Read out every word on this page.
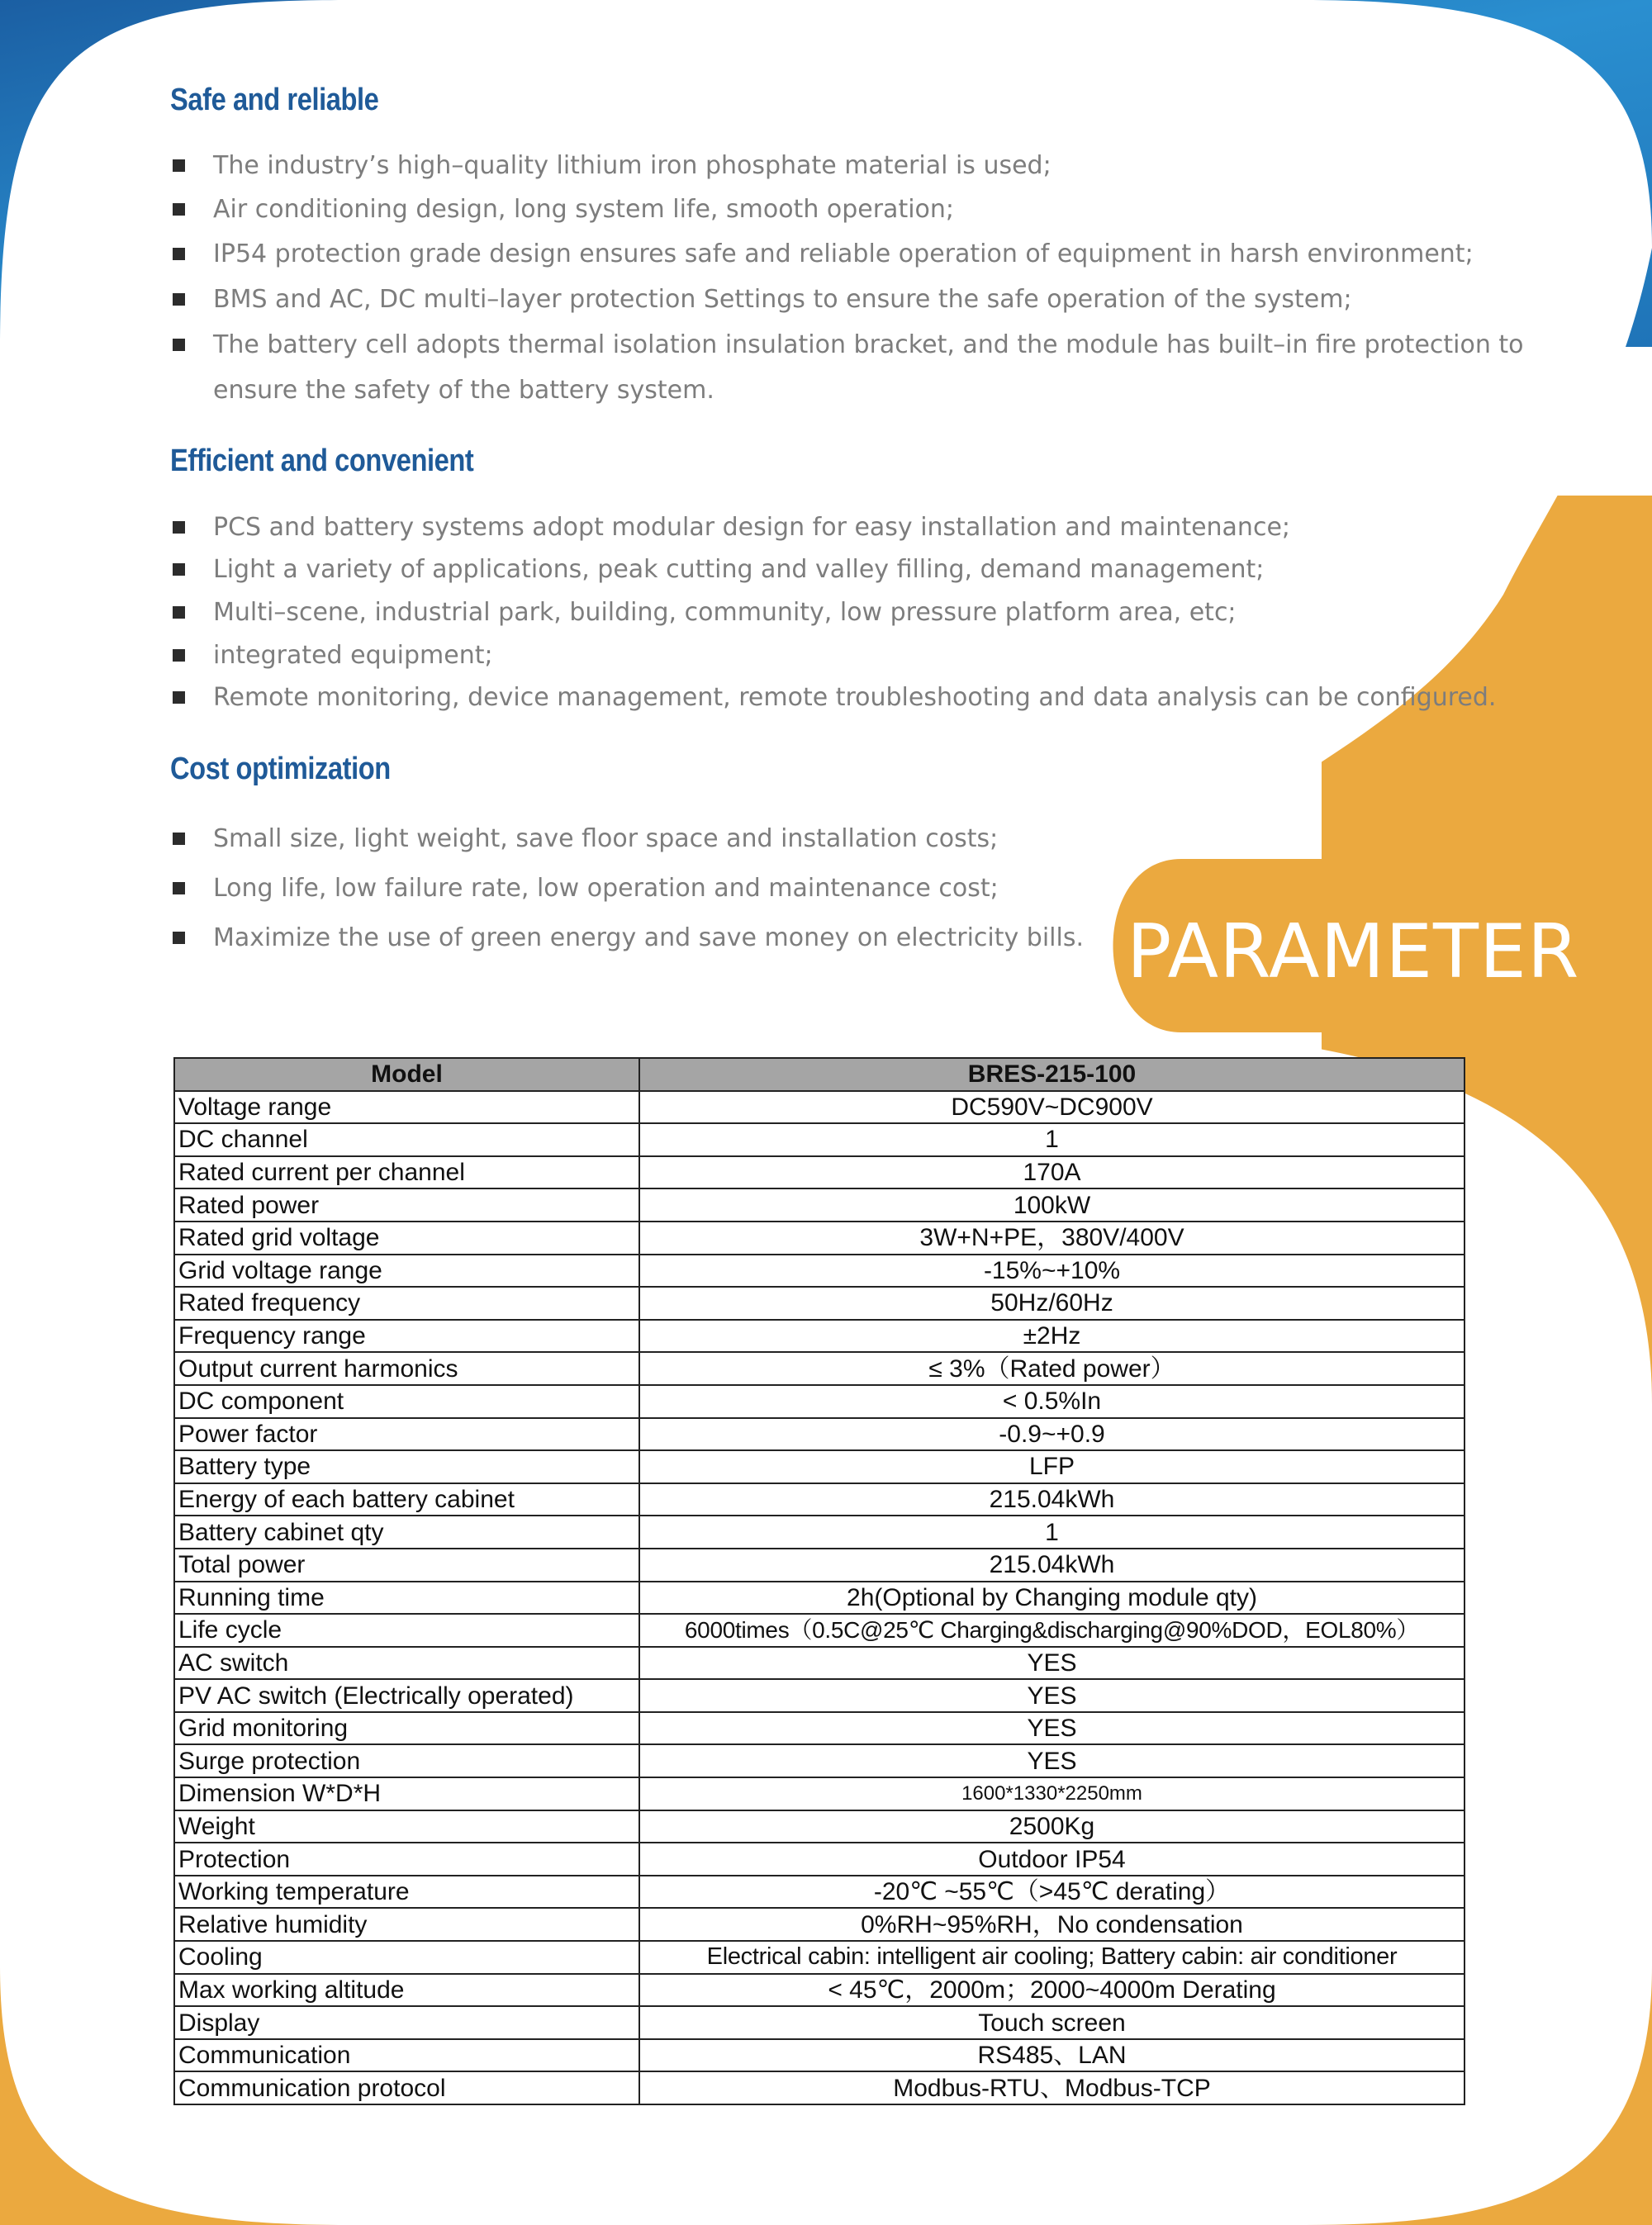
Safe and reliable
The industry’s high–quality lithium iron phosphate material is used;
Air conditioning design, long system life, smooth operation;
IP54 protection grade design ensures safe and reliable operation of equipment in harsh environment;
BMS and AC, DC multi–layer protection Settings to ensure the safe operation of the system;
The battery cell adopts thermal isolation insulation bracket, and the module has built–in fire protection to ensure the safety of the battery system.
Efficient and convenient
PCS and battery systems adopt modular design for easy installation and maintenance;
Light a variety of applications, peak cutting and valley filling, demand management;
Multi–scene, industrial park, building, community, low pressure platform area, etc;
integrated equipment;
Remote monitoring, device management, remote troubleshooting and data analysis can be configured.
Cost optimization
Small size, light weight, save floor space and installation costs;
Long life, low failure rate, low operation and maintenance cost;
Maximize the use of green energy and save money on electricity bills. PARAMETER
Model	BRES-215-100
Voltage range	DC590V~DC900V
DC channel	1
Rated current per channel	170A
Rated power	100kW
Rated grid voltage	3W+N+PE，380V/400V
Grid voltage range	-15%~+10%
Rated frequency	50Hz/60Hz
Frequency range	±2Hz
Output current harmonics	≤ 3%（Rated power）
DC component	< 0.5%In
Power factor	-0.9~+0.9
Battery type	LFP
Energy of each battery cabinet	215.04kWh
Battery cabinet qty	1
Total power	215.04kWh
Running time	2h(Optional by Changing module qty)
Life cycle	6000times（0.5C@25℃ Charging&discharging@90%DOD，EOL80%）
AC switch	YES
PV AC switch (Electrically operated)	YES
Grid monitoring	YES
Surge protection	YES
Dimension W*D*H	1600*1330*2250mm
Weight	2500Kg
Protection	Outdoor IP54
Working temperature	-20℃ ~55℃（>45℃ derating）
Relative humidity	0%RH~95%RH，No condensation
Cooling	Electrical cabin: intelligent air cooling; Battery cabin: air conditioner
Max working altitude	< 45℃，2000m；2000~4000m Derating
Display	Touch screen
Communication	RS485、LAN
Communication protocol	Modbus-RTU、Modbus-TCP
